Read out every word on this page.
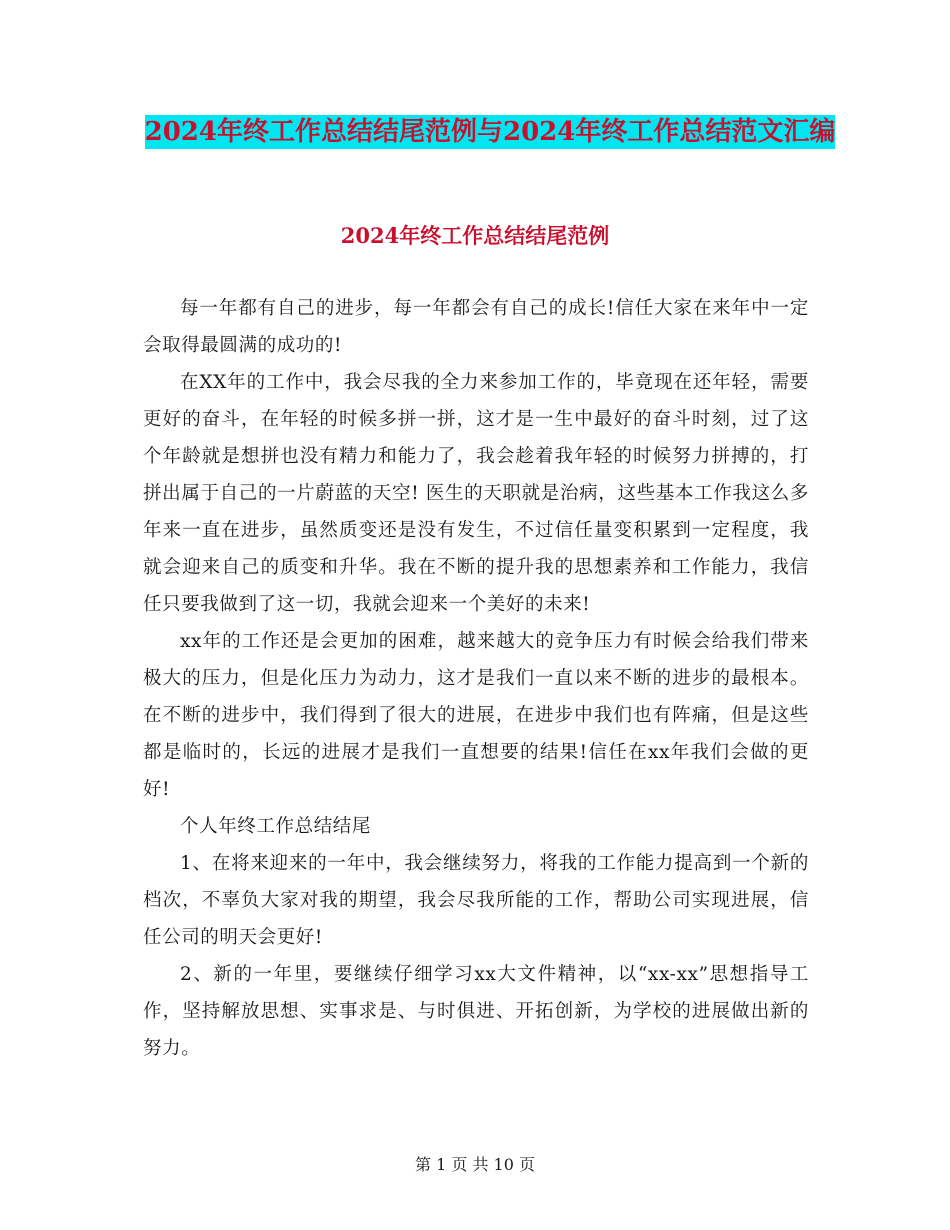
2024年终工作总结结尾范例与2024年终工作总结范文汇编
2024年终工作总结结尾范例

每一年都有自己的进步，每一年都会有自己的成长!信任大家在来年中一定会取得最圆满的成功的!

在XX年的工作中，我会尽我的全力来参加工作的，毕竟现在还年轻，需要更好的奋斗，在年轻的时候多拼一拼，这才是一生中最好的奋斗时刻，过了这个年龄就是想拼也没有精力和能力了，我会趁着我年轻的时候努力拼搏的，打拼出属于自己的一片蔚蓝的天空! 医生的天职就是治病，这些基本工作我这么多年来一直在进步，虽然质变还是没有发生，不过信任量变积累到一定程度，我就会迎来自己的质变和升华。我在不断的提升我的思想素养和工作能力，我信任只要我做到了这一切，我就会迎来一个美好的未来!

xx年的工作还是会更加的困难，越来越大的竞争压力有时候会给我们带来极大的压力，但是化压力为动力，这才是我们一直以来不断的进步的最根本。在不断的进步中，我们得到了很大的进展，在进步中我们也有阵痛，但是这些都是临时的，长远的进展才是我们一直想要的结果!信任在xx年我们会做的更好!

个人年终工作总结结尾

1、在将来迎来的一年中，我会继续努力，将我的工作能力提高到一个新的档次，不辜负大家对我的期望，我会尽我所能的工作，帮助公司实现进展，信任公司的明天会更好!

2、新的一年里，要继续仔细学习xx大文件精神，以“xx-xx”思想指导工作，坚持解放思想、实事求是、与时俱进、开拓创新，为学校的进展做出新的努力。

第 1 页 共 10 页
